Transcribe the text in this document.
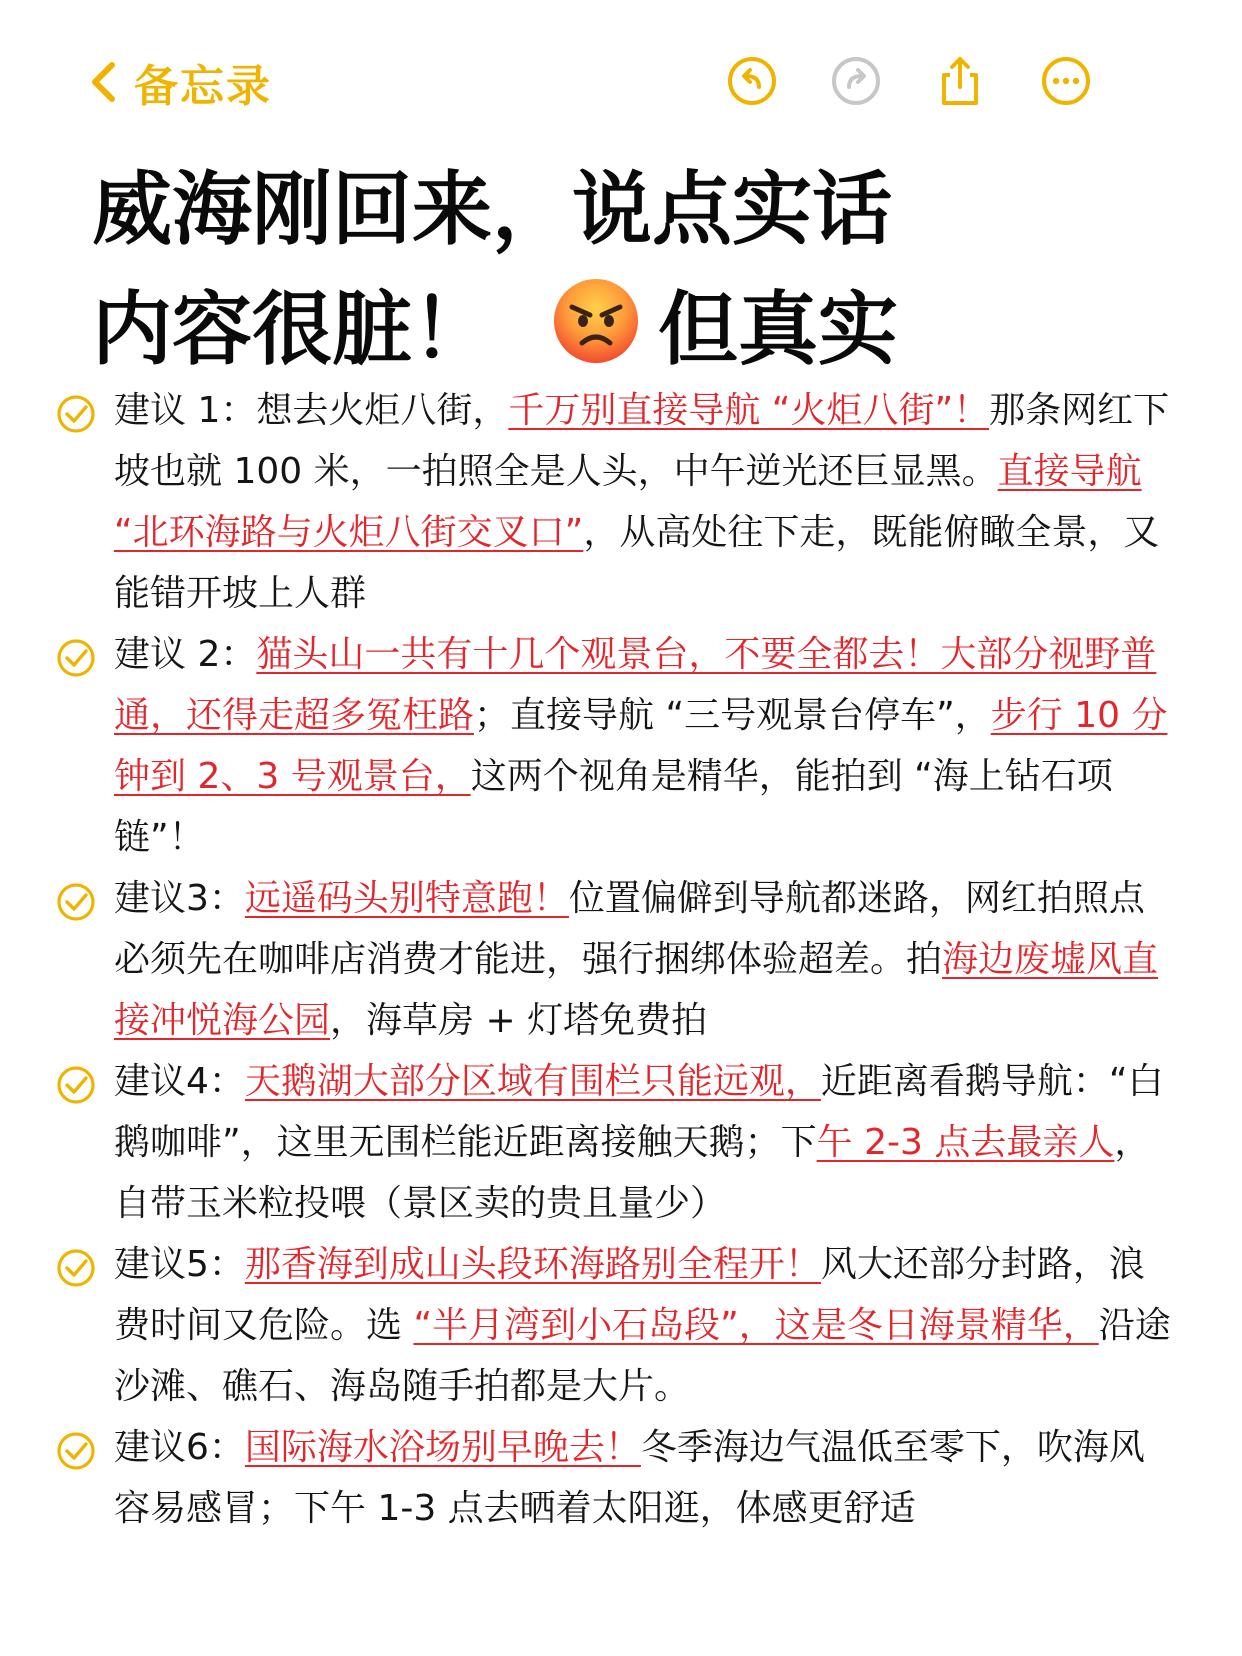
备忘录
威海刚回来，说点实话
内容很脏！ 但真实
建议 1：想去火炬八街，千万别直接导航 “火炬八街”！那条网红下坡也就 100 米，一拍照全是人头，中午逆光还巨显黑。直接导航 “北环海路与火炬八街交叉口”，从高处往下走，既能俯瞰全景，又能错开坡上人群
建议 2：猫头山一共有十几个观景台，不要全都去！大部分视野普通，还得走超多冤枉路；直接导航 “三号观景台停车”，步行 10 分钟到 2、3 号观景台，这两个视角是精华，能拍到 “海上钻石项链”！
建议3：远遥码头别特意跑！位置偏僻到导航都迷路，网红拍照点必须先在咖啡店消费才能进，强行捆绑体验超差。拍海边废墟风直接冲悦海公园，海草房 + 灯塔免费拍
建议4：天鹅湖大部分区域有围栏只能远观，近距离看鹅导航：“白鹅咖啡”，这里无围栏能近距离接触天鹅；下午 2-3 点去最亲人，自带玉米粒投喂（景区卖的贵且量少）
建议5：那香海到成山头段环海路别全程开！风大还部分封路，浪费时间又危险。选 “半月湾到小石岛段”，这是冬日海景精华，沿途沙滩、礁石、海岛随手拍都是大片。
建议6：国际海水浴场别早晚去！冬季海边气温低至零下，吹海风容易感冒；下午 1-3 点去晒着太阳逛，体感更舒适
